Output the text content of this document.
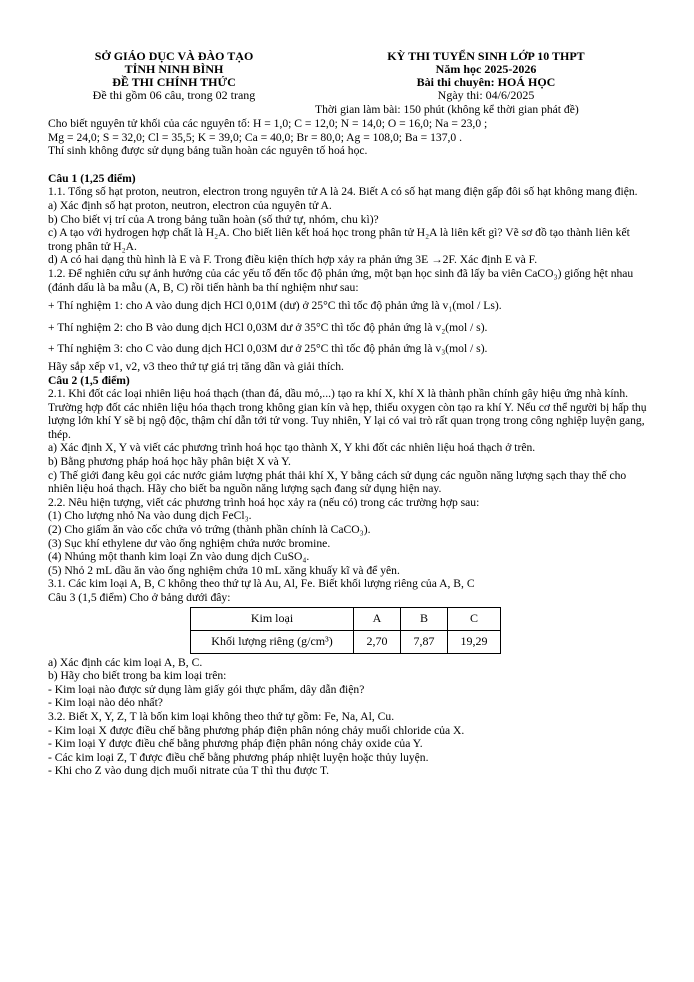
SỞ GIÁO DỤC VÀ ĐÀO TẠO
TỈNH NINH BÌNH
ĐỀ THI CHÍNH THỨC
Đề thi gồm 06 câu, trong 02 trang
KỲ THI TUYỂN SINH LỚP 10 THPT
Năm học 2025-2026
Bài thi chuyên: HOÁ HỌC
Ngày thi: 04/6/2025
Thời gian làm bài: 150 phút (không kể thời gian phát đề)

Cho biết nguyên tử khối của các nguyên tố: H = 1,0; C = 12,0; N = 14,0; O = 16,0; Na = 23,0 ;

Mg = 24,0; S = 32,0; Cl = 35,5; K = 39,0; Ca = 40,0; Br = 80,0; Ag = 108,0; Ba = 137,0 .

Thí sinh không được sử dụng bảng tuần hoàn các nguyên tố hoá học.

Câu 1 (1,25 điểm)

1.1. Tổng số hạt proton, neutron, electron trong nguyên tử A là 24. Biết A có số hạt mang điện gấp đôi số hạt không mang điện.

a) Xác định số hạt proton, neutron, electron của nguyên tử A.

b) Cho biết vị trí của A trong bảng tuần hoàn (số thứ tự, nhóm, chu kì)?

c) A tạo với hydrogen hợp chất là H₂A. Cho biết liên kết hoá học trong phân tử H₂A là liên kết gì? Vẽ sơ đồ tạo thành liên kết trong phân tử H₂A.

d) A có hai dạng thù hình là E và F. Trong điều kiện thích hợp xảy ra phản ứng 3E →2F. Xác định E và F.

1.2. Để nghiên cứu sự ảnh hưởng của các yếu tố đến tốc độ phản ứng, một bạn học sinh đã lấy ba viên CaCO₃) giống hệt nhau (đánh dấu là ba mẫu (A, B, C) rồi tiến hành ba thí nghiệm như sau:

+ Thí nghiệm 1: cho A vào dung dịch HCl 0,01M (dư) ở 25°C thì tốc độ phản ứng là v₁(mol / Ls).

+ Thí nghiệm 2: cho B vào dung dịch HCl 0,03M dư ở 35°C thì tốc độ phản ứng là v₂(mol / s).

+ Thí nghiệm 3: cho C vào dung dịch HCl 0,03M dư ở 25°C thì tốc độ phản ứng là v₃(mol / s).

Hãy sắp xếp v1, v2, v3 theo thứ tự giá trị tăng dần và giải thích.

Câu 2 (1,5 điểm)

2.1. Khi đốt các loại nhiên liệu hoá thạch (than đá, dầu mỏ,...) tạo ra khí X, khí X là thành phần chính gây hiệu ứng nhà kính. Trường hợp đốt các nhiên liệu hóa thạch trong không gian kín và hẹp, thiếu oxygen còn tạo ra khí Y. Nếu cơ thể người bị hấp thụ lượng lớn khí Y sẽ bị ngộ độc, thậm chí dẫn tới tử vong. Tuy nhiên, Y lại có vai trò rất quan trọng trong công nghiệp luyện gang, thép.

a) Xác định X, Y và viết các phương trình hoá học tạo thành X, Y khi đốt các nhiên liệu hoá thạch ở trên.

b) Bằng phương pháp hoá học hãy phân biệt X và Y.

c) Thế giới đang kêu gọi các nước giảm lượng phát thải khí X, Y bằng cách sử dụng các nguồn năng lượng sạch thay thế cho nhiên liệu hoá thạch. Hãy cho biết ba nguồn năng lượng sạch đang sử dụng hiện nay.

2.2. Nêu hiện tượng, viết các phương trình hoá học xảy ra (nếu có) trong các trường hợp sau:

(1) Cho lượng nhỏ Na vào dung dịch FeCl₃.

(2) Cho giấm ăn vào cốc chứa vỏ trứng (thành phần chính là CaCO₃).

(3) Sục khí ethylene dư vào ống nghiệm chứa nước bromine.

(4) Nhúng một thanh kim loại Zn vào dung dịch CuSO₄.

(5) Nhỏ 2 mL dầu ăn vào ống nghiệm chứa 10 mL xăng khuấy kĩ và để yên.

3.1. Các kim loại A, B, C không theo thứ tự là Au, Al, Fe. Biết khối lượng riêng của A, B, C

Câu 3 (1,5 điểm) Cho ở bảng dưới đây:

Kim loại	A	B	C
Khối lượng riêng (g/cm³)	2,70	7,87	19,29

a) Xác định các kim loại A, B, C.

b) Hãy cho biết trong ba kim loại trên:

- Kim loại nào được sử dụng làm giấy gói thực phẩm, dây dẫn điện?

- Kim loại nào dẻo nhất?

3.2. Biết X, Y, Z, T là bốn kim loại không theo thứ tự gồm: Fe, Na, Al, Cu.

- Kim loại X được điều chế bằng phương pháp điện phân nóng chảy muối chloride của X.

- Kim loại Y được điều chế bằng phương pháp điện phân nóng chảy oxide của Y.

- Các kim loại Z, T được điều chế bằng phương pháp nhiệt luyện hoặc thủy luyện.

- Khi cho Z vào dung dịch muối nitrate của T thì thu được T.
